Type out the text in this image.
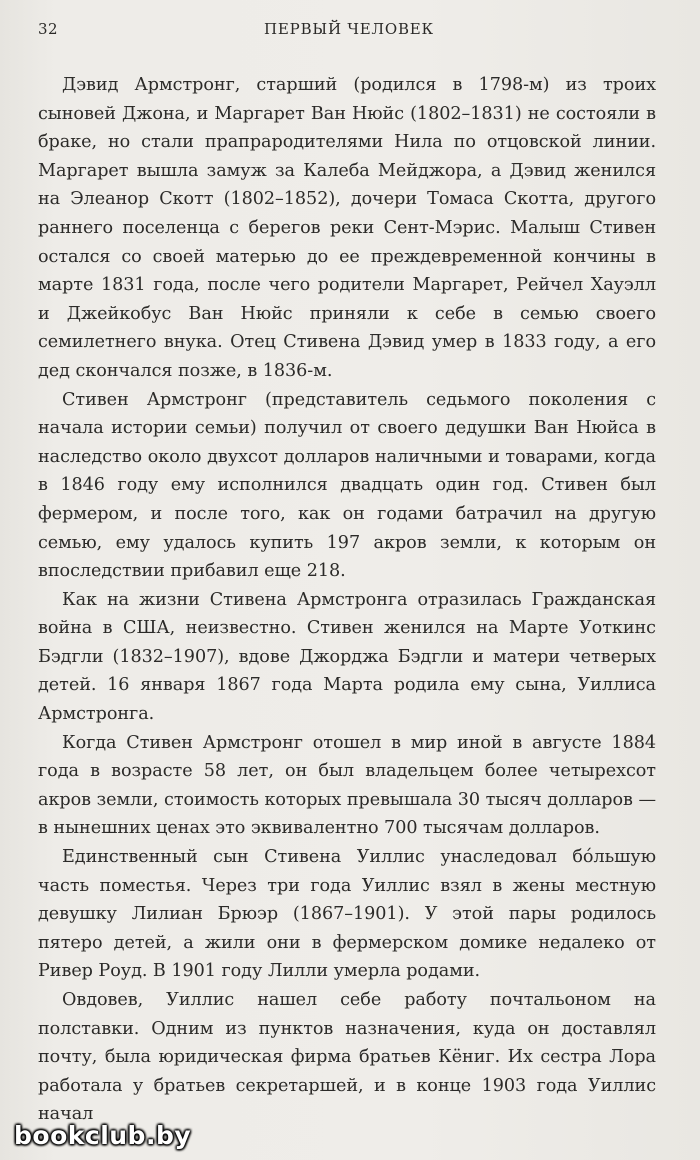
32	ПЕРВЫЙ ЧЕЛОВЕК

Дэвид Армстронг, старший (родился в 1798-м) из троих сыновей Джона, и Маргарет Ван Нюйс (1802–1831) не состояли в браке, но стали прапрародителями Нила по отцовской линии. Маргарет вышла замуж за Калеба Мейджора, а Дэвид женился на Элеанор Скотт (1802–1852), дочери Томаса Скотта, другого раннего поселенца с берегов реки Сент-Мэрис. Малыш Стивен остался со своей матерью до ее преждевременной кончины в марте 1831 года, после чего родители Маргарет, Рейчел Хауэлл и Джейкобус Ван Нюйс приняли к себе в семью своего семилетнего внука. Отец Стивена Дэвид умер в 1833 году, а его дед скончался позже, в 1836-м.

Стивен Армстронг (представитель седьмого поколения с начала истории семьи) получил от своего дедушки Ван Нюйса в наследство около двухсот долларов наличными и товарами, когда в 1846 году ему исполнился двадцать один год. Стивен был фермером, и после того, как он годами батрачил на другую семью, ему удалось купить 197 акров земли, к которым он впоследствии прибавил еще 218.

Как на жизни Стивена Армстронга отразилась Гражданская война в США, неизвестно. Стивен женился на Марте Уоткинс Бэдгли (1832–1907), вдове Джорджа Бэдгли и матери четверых детей. 16 января 1867 года Марта родила ему сына, Уиллиса Армстронга.

Когда Стивен Армстронг отошел в мир иной в августе 1884 года в возрасте 58 лет, он был владельцем более четырехсот акров земли, стоимость которых превышала 30 тысяч долларов — в нынешних ценах это эквивалентно 700 тысячам долларов.

Единственный сын Стивена Уиллис унаследовал бóльшую часть поместья. Через три года Уиллис взял в жены местную девушку Лилиан Брюэр (1867–1901). У этой пары родилось пятеро детей, а жили они в фермерском домике недалеко от Ривер Роуд. В 1901 году Лилли умерла родами.

Овдовев, Уиллис нашел себе работу почтальоном на полставки. Одним из пунктов назначения, куда он доставлял почту, была юридическая фирма братьев Кёниг. Их сестра Лора работала у братьев секретаршей, и в конце 1903 года Уиллис начал

bookclub.by
